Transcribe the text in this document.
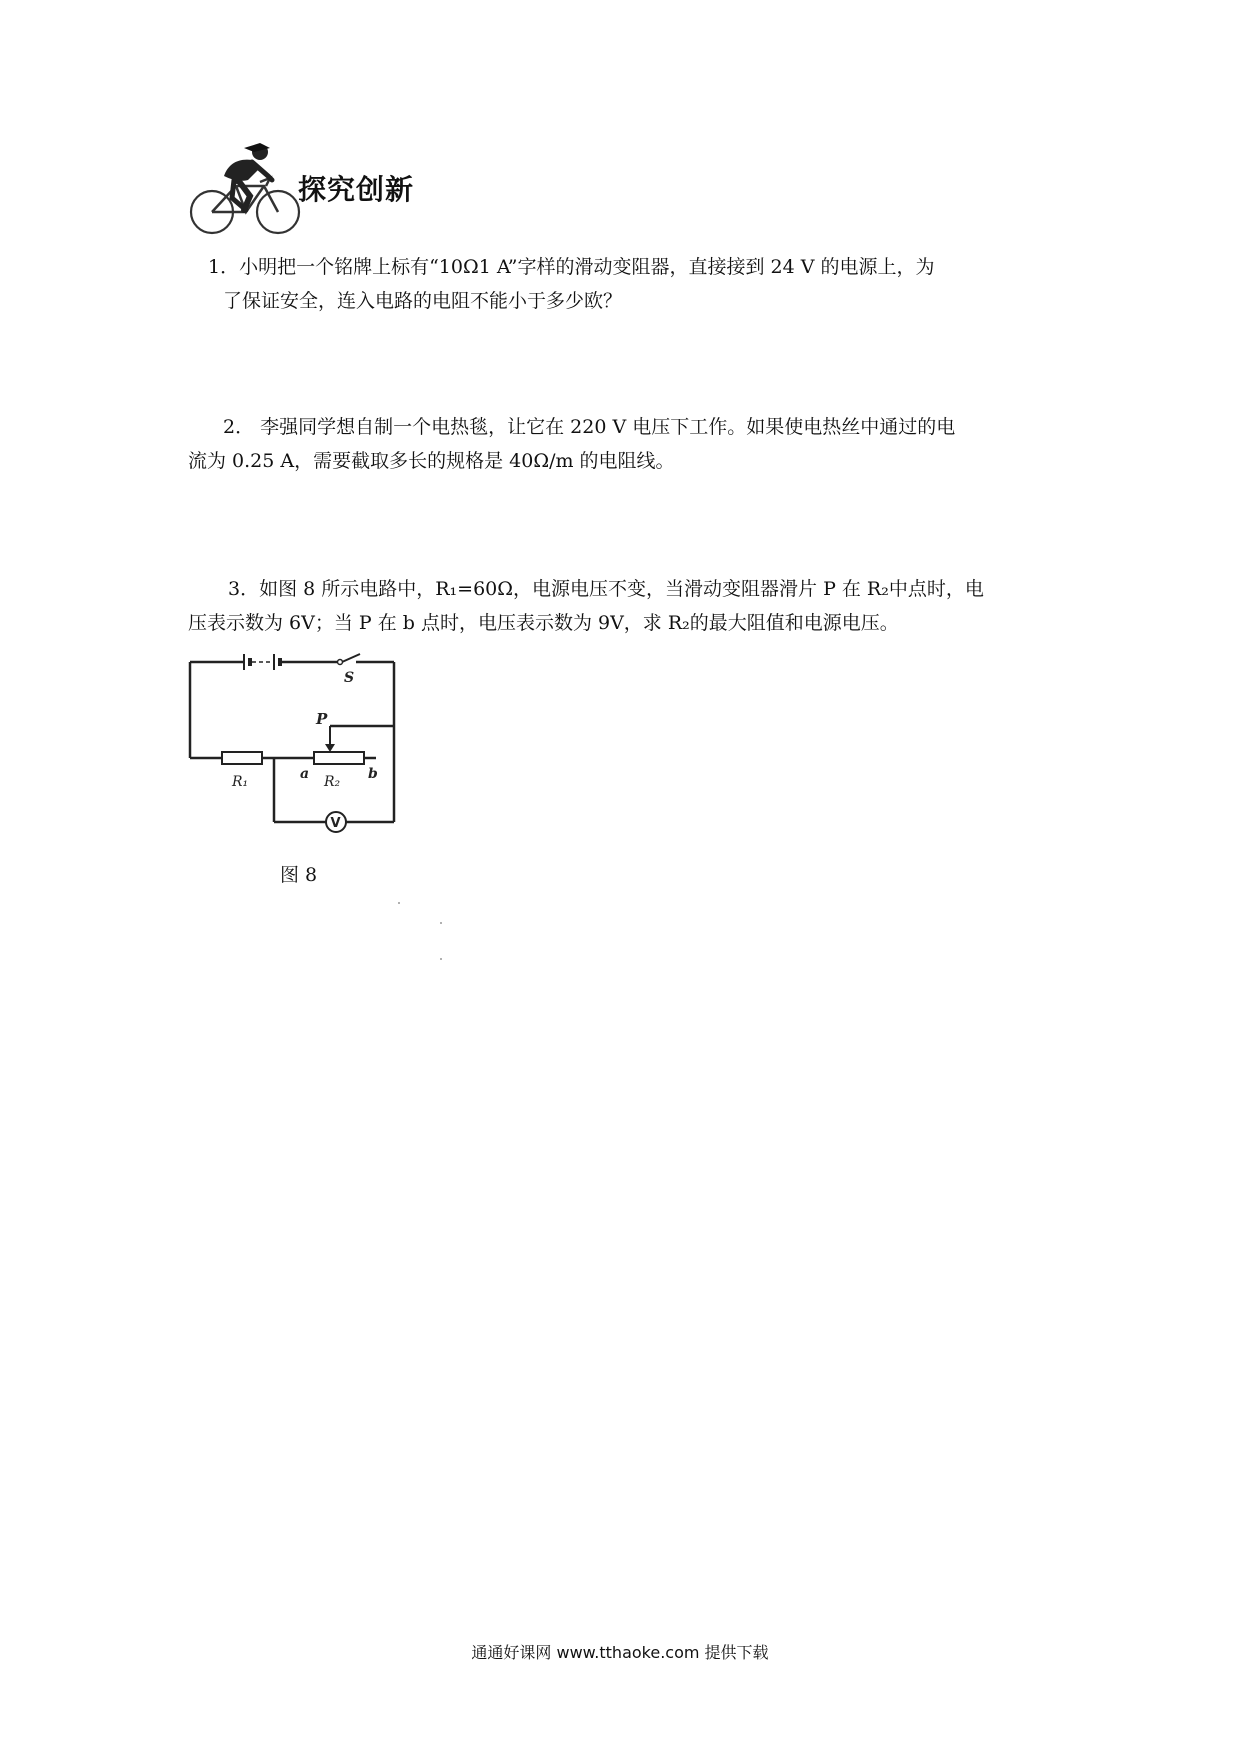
探究创新
1．小明把一个铭牌上标有“10Ω1 A”字样的滑动变阻器，直接接到 24 V 的电源上，为
了保证安全，连入电路的电阻不能小于多少欧？
2． 李强同学想自制一个电热毯，让它在 220 V 电压下工作。如果使电热丝中通过的电
流为 0.25 A，需要截取多长的规格是 40Ω/m 的电阻线。
3．如图 8 所示电路中，R₁=60Ω，电源电压不变，当滑动变阻器滑片 P 在 R₂中点时，电
压表示数为 6V；当 P 在 b 点时，电压表示数为 9V，求 R₂的最大阻值和电源电压。
S
R₁	R₂
a	b
P
V
图 8
通通好课网 www.tthaoke.com 提供下载
